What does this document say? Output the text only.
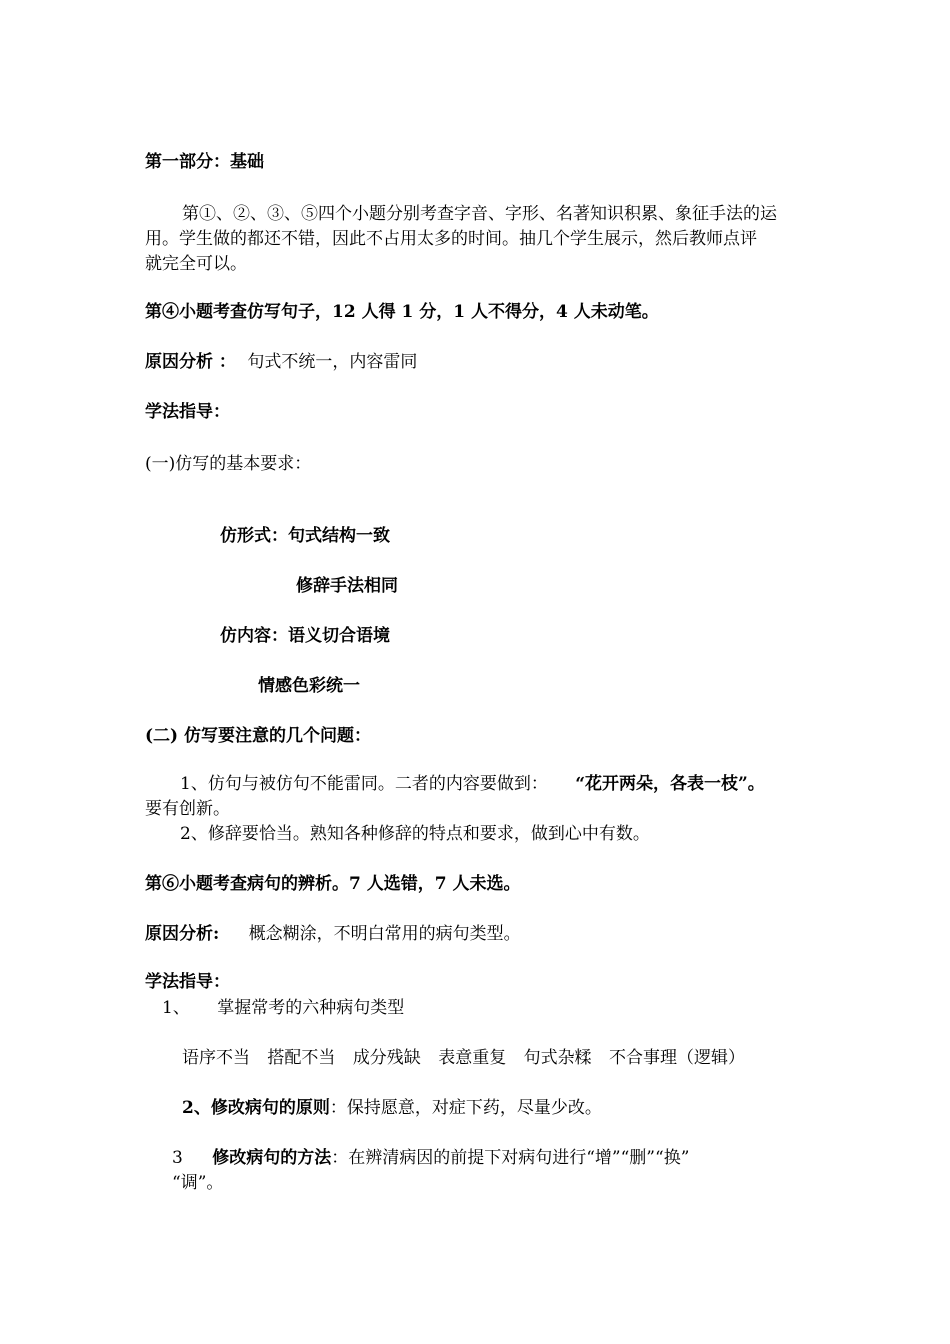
第一部分：基础
第①、②、③、⑤四个小题分别考查字音、字形、名著知识积累、象征手法的运
用。学生做的都还不错，因此不占用太多的时间。抽几个学生展示，然后教师点评
就完全可以。
第④小题考查仿写句子，12 人得 1 分，1 人不得分，4 人未动笔。
原因分析 ： 句式不统一，内容雷同
学法指导：
(一)仿写的基本要求：
仿形式：句式结构一致
修辞手法相同
仿内容：语义切合语境
情感色彩统一
(二) 仿写要注意的几个问题：
1、仿句与被仿句不能雷同。二者的内容要做到： “花开两朵，各表一枝”。
要有创新。
2、修辞要恰当。熟知各种修辞的特点和要求，做到心中有数。
第⑥小题考查病句的辨析。7 人选错，7 人未选。
原因分析: 概念糊涂，不明白常用的病句类型。
学法指导：
1、 掌握常考的六种病句类型
语序不当 搭配不当 成分残缺 表意重复 句式杂糅 不合事理（逻辑）
2、修改病句的原则：保持愿意，对症下药，尽量少改。
3 修改病句的方法：在辨清病因的前提下对病句进行“增”“删”“换”
“调”。
